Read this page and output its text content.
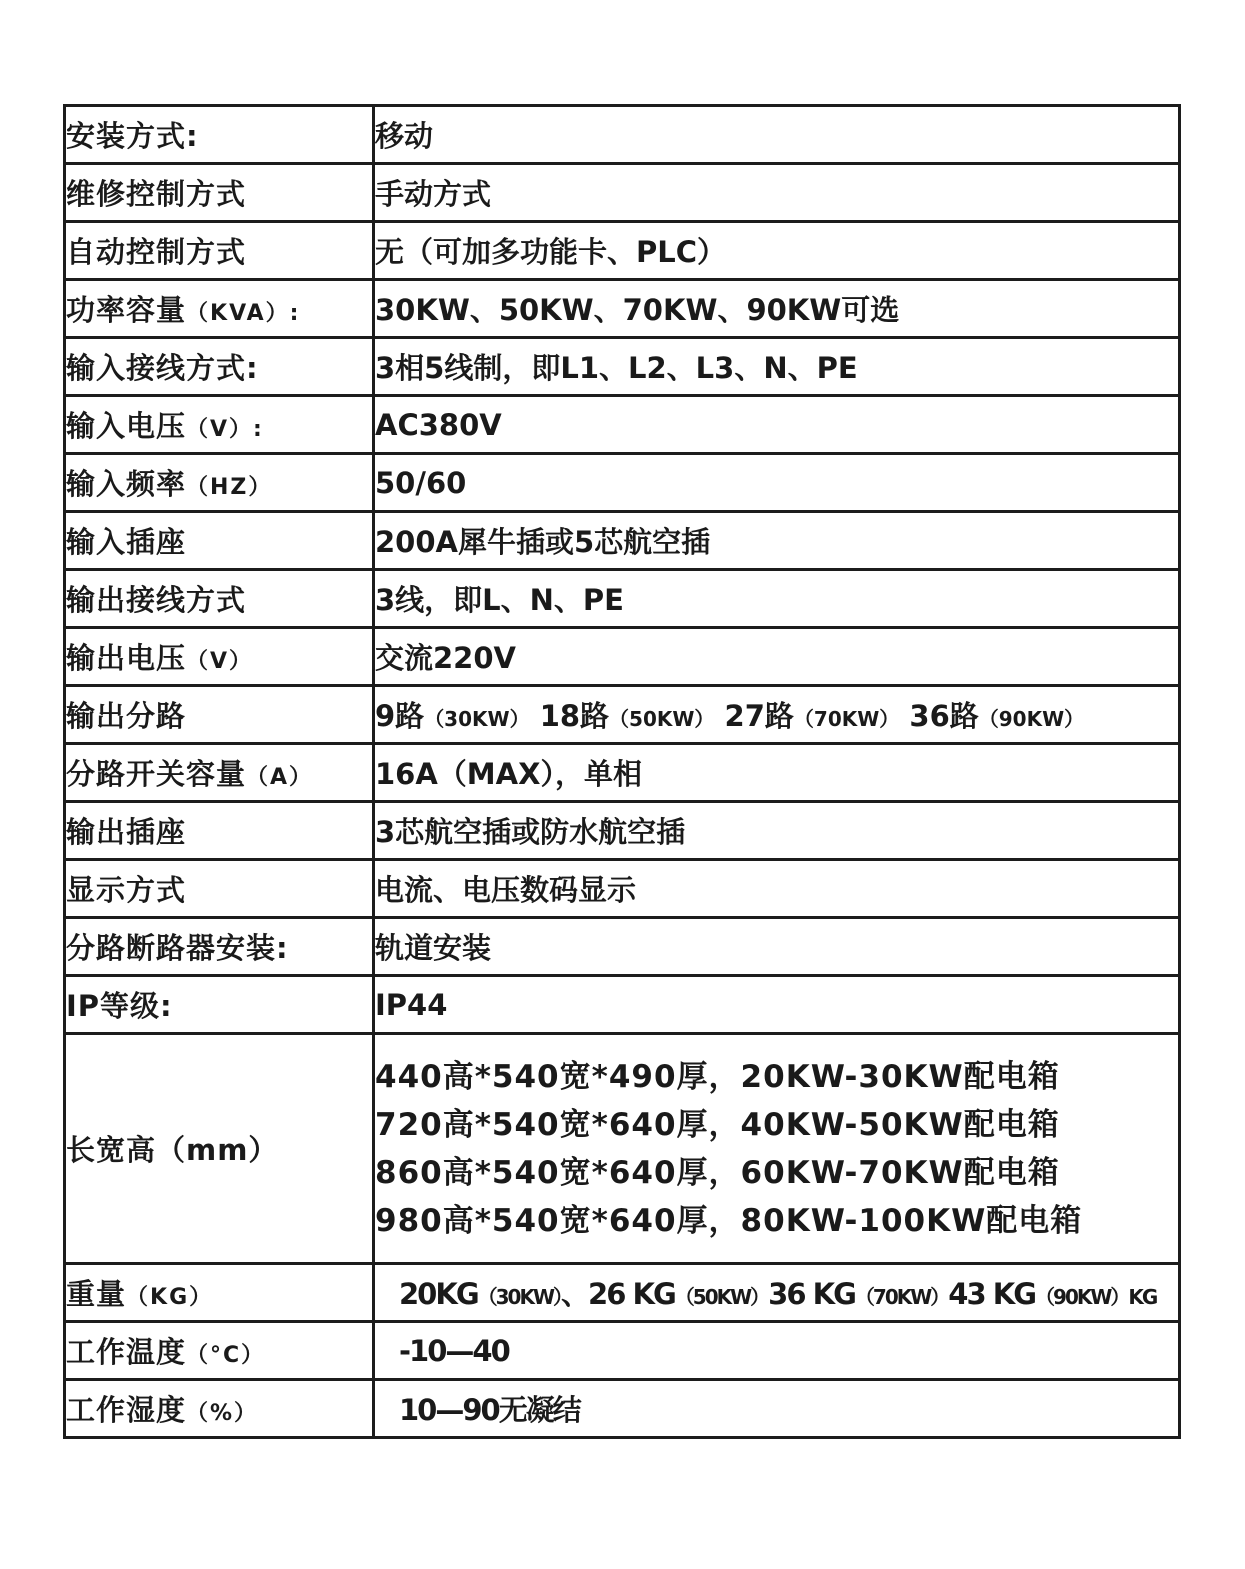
安装方式:	移动
维修控制方式	手动方式
自动控制方式	无（可加多功能卡、PLC）
功率容量（KVA）:	30KW、50KW、70KW、90KW可选
输入接线方式:	3相5线制，即L1、L2、L3、N、PE
输入电压（V）:	AC380V
输入频率（HZ）	50/60
输入插座	200A犀牛插或5芯航空插
输出接线方式	3线，即L、N、PE
输出电压（V）	交流220V
输出分路	9路（30KW） 18路（50KW） 27路（70KW） 36路（90KW）
分路开关容量（A）	16A（MAX），单相
输出插座	3芯航空插或防水航空插
显示方式	电流、电压数码显示
分路断路器安装:	轨道安装
IP等级:	IP44
长宽高（mm）	440高*540宽*490厚，20KW-30KW配电箱
720高*540宽*640厚，40KW-50KW配电箱
860高*540宽*640厚，60KW-70KW配电箱
980高*540宽*640厚，80KW-100KW配电箱

重量（KG）	20KG（30KW）、26 KG（50KW）36 KG（70KW）43 KG（90KW）KG
工作温度（°C）	-10—40
工作湿度（%）	10—90无凝结
